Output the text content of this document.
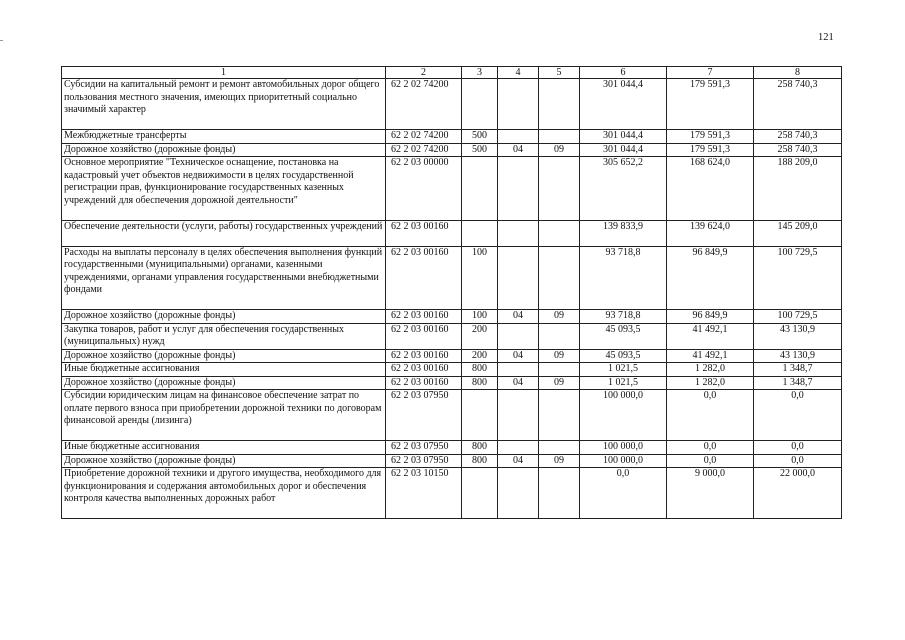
121
1	2	3	4	5	6	7	8
Субсидии на капитальный ремонт и ремонт автомобильных дорог общего пользования местного значения, имеющих приоритетный социально значимый характер	62 2 02 74200				301 044,4	179 591,3	258 740,3
Межбюджетные трансферты	62 2 02 74200	500			301 044,4	179 591,3	258 740,3
Дорожное хозяйство (дорожные фонды)	62 2 02 74200	500	04	09	301 044,4	179 591,3	258 740,3
Основное мероприятие "Техническое оснащение, постановка на кадастровый учет объектов недвижимости в целях государственной регистрации прав, функционирование государственных казенных учреждений для обеспечения дорожной деятельности"	62 2 03 00000				305 652,2	168 624,0	188 209,0
Обеспечение деятельности (услуги, работы) государственных учреждений	62 2 03 00160				139 833,9	139 624,0	145 209,0
Расходы на выплаты персоналу в целях обеспечения выполнения функций государственными (муниципальными) органами, казенными учреждениями, органами управления государственными внебюджетными фондами	62 2 03 00160	100			93 718,8	96 849,9	100 729,5
Дорожное хозяйство (дорожные фонды)	62 2 03 00160	100	04	09	93 718,8	96 849,9	100 729,5
Закупка товаров, работ и услуг для обеспечения государственных (муниципальных) нужд	62 2 03 00160	200			45 093,5	41 492,1	43 130,9
Дорожное хозяйство (дорожные фонды)	62 2 03 00160	200	04	09	45 093,5	41 492,1	43 130,9
Иные бюджетные ассигнования	62 2 03 00160	800			1 021,5	1 282,0	1 348,7
Дорожное хозяйство (дорожные фонды)	62 2 03 00160	800	04	09	1 021,5	1 282,0	1 348,7
Субсидии юридическим лицам на финансовое обеспечение затрат по оплате первого взноса при приобретении дорожной техники по договорам финансовой аренды (лизинга)	62 2 03 07950				100 000,0	0,0	0,0
Иные бюджетные ассигнования	62 2 03 07950	800			100 000,0	0,0	0,0
Дорожное хозяйство (дорожные фонды)	62 2 03 07950	800	04	09	100 000,0	0,0	0,0
Приобретение дорожной техники и другого имущества, необходимого для функционирования и содержания автомобильных дорог и обеспечения контроля качества выполненных дорожных работ	62 2 03 10150				0,0	9 000,0	22 000,0
